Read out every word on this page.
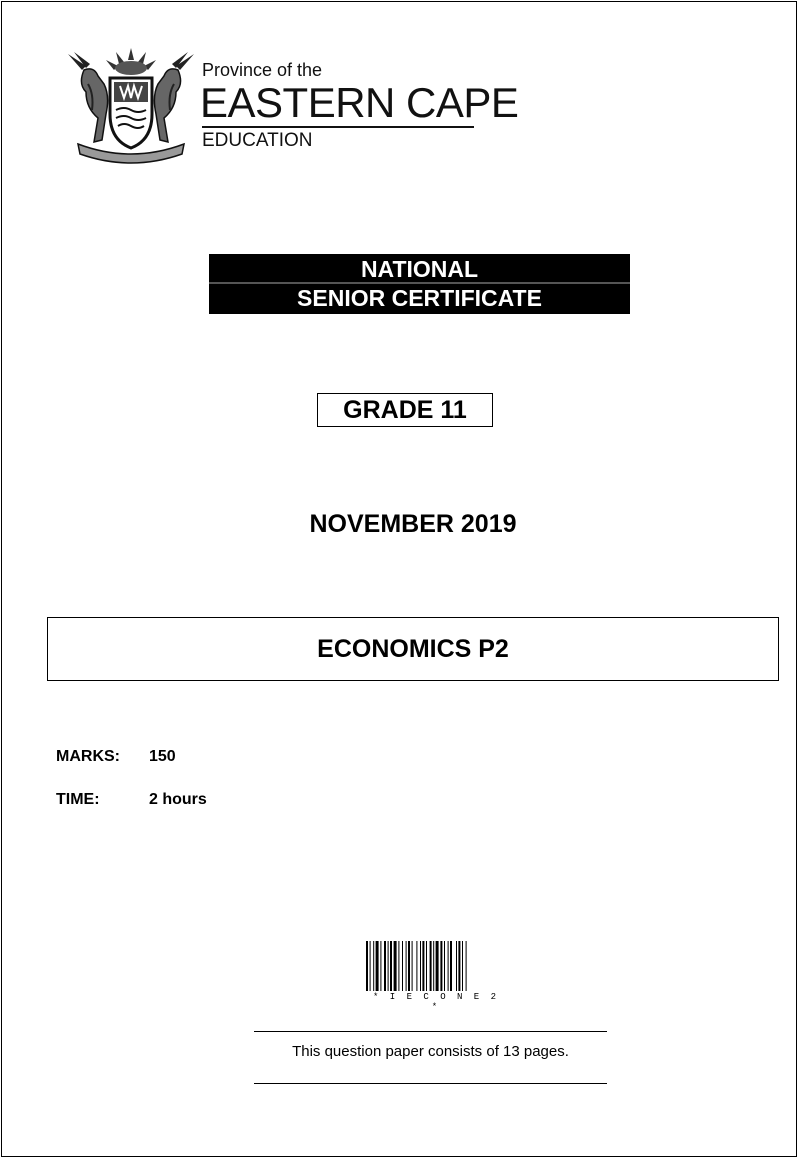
Province of the
EASTERN CAPE
EDUCATION
NATIONAL
SENIOR CERTIFICATE
GRADE 11
NOVEMBER 2019
ECONOMICS P2
MARKS: 150
TIME:	2 hours
* I E C O N E 2 *
This question paper consists of 13 pages.
